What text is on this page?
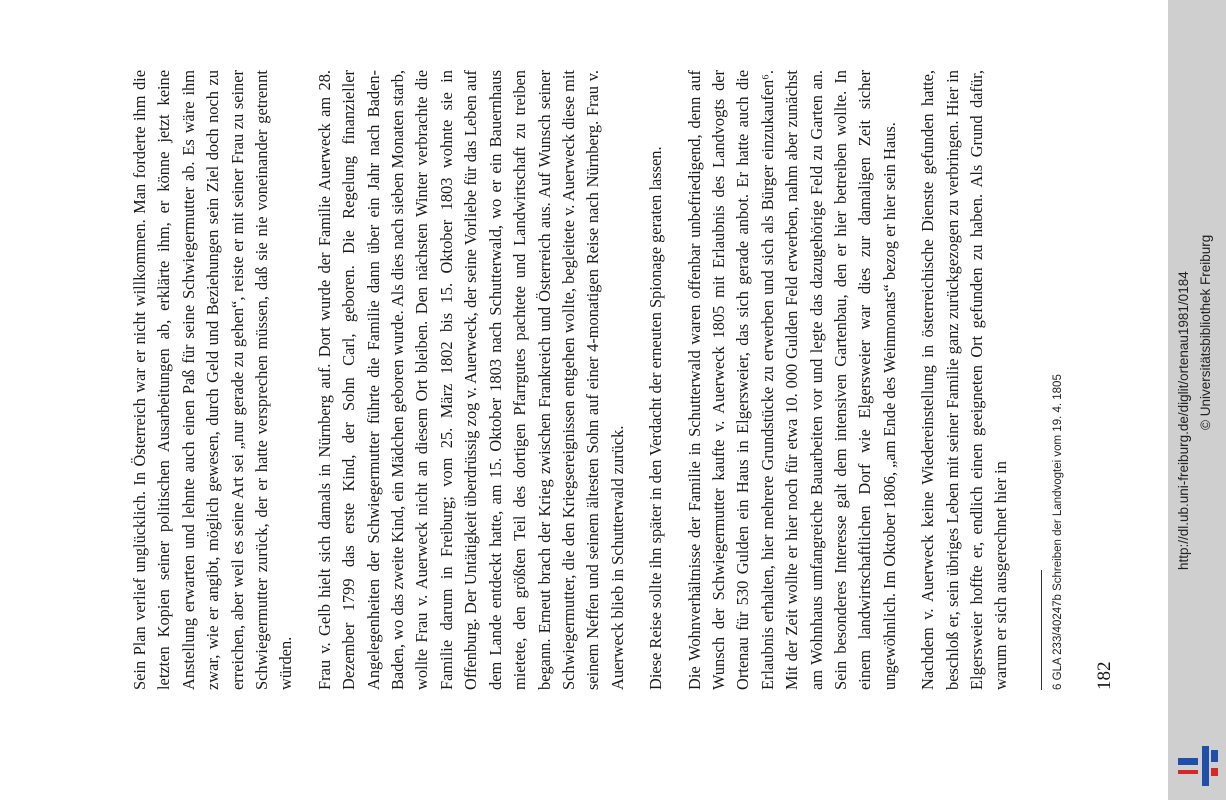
Sein Plan verlief unglücklich. In Österreich war er nicht willkommen. Man forderte ihm die letzten Kopien seiner politischen Ausarbeitungen ab, erklärte ihm, er könne jetzt keine Anstellung erwarten und lehnte auch einen Paß für seine Schwiegermutter ab. Es wäre ihm zwar, wie er angibt, möglich gewesen, durch Geld und Beziehungen sein Ziel doch noch zu erreichen, aber weil es seine Art sei „nur gerade zu gehen“, reiste er mit seiner Frau zu seiner Schwiegermutter zurück, der er hatte versprechen müssen, daß sie nie voneinander getrennt würden. Frau v. Gelb hielt sich damals in Nürnberg auf. Dort wurde der Familie Auerweck am 28. Dezember 1799 das erste Kind, der Sohn Carl, geboren. Die Regelung finanzieller Angelegenheiten der Schwiegermutter führte die Familie dann über ein Jahr nach Baden-Baden, wo das zweite Kind, ein Mädchen geboren wurde. Als dies nach sieben Monaten starb, wollte Frau v. Auerweck nicht an diesem Ort bleiben. Den nächsten Winter verbrachte die Familie darum in Freiburg; vom 25. März 1802 bis 15. Oktober 1803 wohnte sie in Offenburg. Der Untätigkeit überdrüssig zog v. Auerweck, der seine Vorliebe für das Leben auf dem Lande entdeckt hatte, am 15. Oktober 1803 nach Schutterwald, wo er ein Bauernhaus mietete, den größten Teil des dortigen Pfarrgutes pachtete und Landwirtschaft zu treiben begann. Erneut brach der Krieg zwischen Frankreich und Österreich aus. Auf Wunsch seiner Schwiegermutter, die den Kriegsereignissen entgehen wollte, begleitete v. Auerweck diese mit seinem Neffen und seinem ältesten Sohn auf einer 4-monatigen Reise nach Nürnberg. Frau v. Auerweck blieb in Schutterwald zurück. Diese Reise sollte ihn später in den Verdacht der erneuten Spionage geraten lassen. Die Wohnverhältnisse der Familie in Schutterwald waren offenbar unbefriedigend, denn auf Wunsch der Schwiegermutter kaufte v. Auerweck 1805 mit Erlaubnis des Landvogts der Ortenau für 530 Gulden ein Haus in Elgersweier, das sich gerade anbot. Er hatte auch die Erlaubnis erhalten, hier mehrere Grundstücke zu erwerben und sich als Bürger einzukaufen⁶. Mit der Zeit wollte er hier noch für etwa 10. 000 Gulden Feld erwerben, nahm aber zunächst am Wohnhaus umfangreiche Bauarbeiten vor und legte das dazugehörige Feld zu Garten an. Sein besonderes Interesse galt dem intensiven Gartenbau, den er hier betreiben wollte. In einem landwirtschaftlichen Dorf wie Elgersweier war dies zur damaligen Zeit sicher ungewöhnlich. Im Oktober 1806, „am Ende des Weinmonats“ bezog er hier sein Haus. Nachdem v. Auerweck keine Wiedereinstellung in österreichische Dienste gefunden hatte, beschloß er, sein übriges Leben mit seiner Familie ganz zurückgezogen zu verbringen. Hier in Elgersweier hoffte er, endlich einen geeigneten Ort gefunden zu haben. Als Grund dafür, warum er sich ausgerechnet hier in	6 GLA 233/40247b Schreiben der Landvogtei vom 19. 4. 1805 182
http://dl.ub.uni-freiburg.de/diglit/ortenau1981/0184 © Universitätsbibliothek Freiburg
